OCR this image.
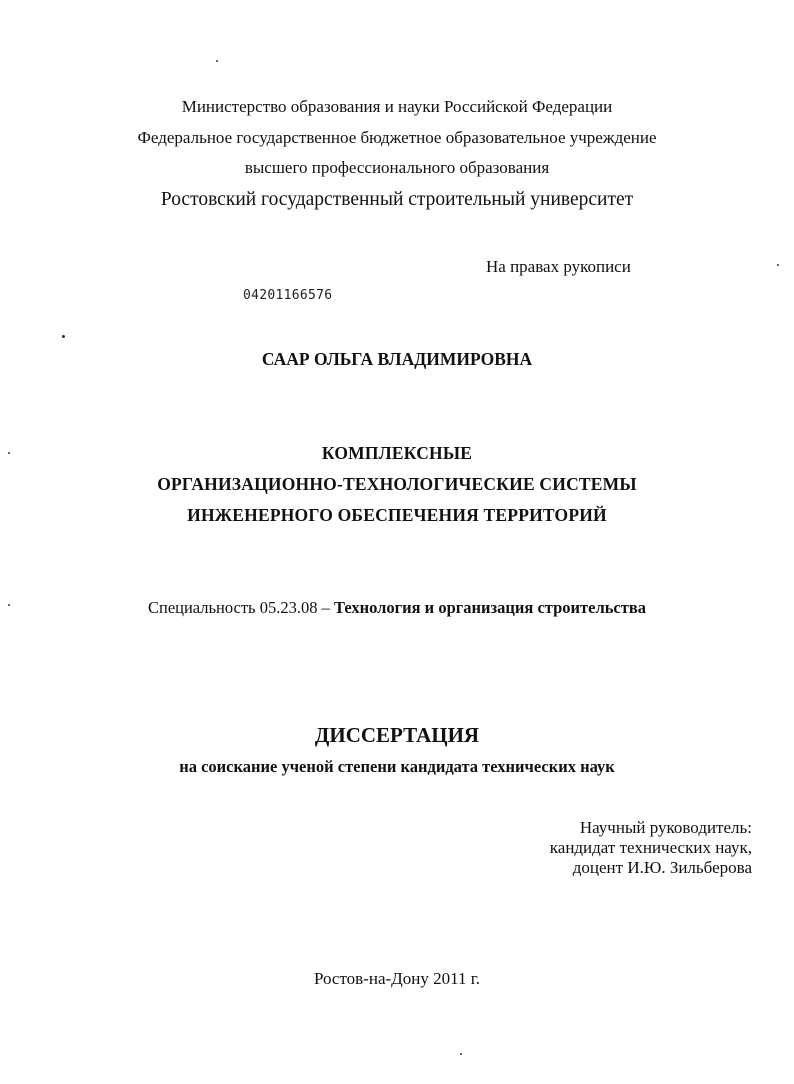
Министерство образования и науки Российской Федерации
Федеральное государственное бюджетное образовательное учреждение
высшего профессионального образования
Ростовский государственный строительный университет
На правах рукописи
04201166576
СААР ОЛЬГА ВЛАДИМИРОВНА
КОМПЛЕКСНЫЕ
ОРГАНИЗАЦИОННО-ТЕХНОЛОГИЧЕСКИЕ СИСТЕМЫ
ИНЖЕНЕРНОГО ОБЕСПЕЧЕНИЯ ТЕРРИТОРИЙ
Специальность 05.23.08 – Технология и организация строительства
ДИССЕРТАЦИЯ
на соискание ученой степени кандидата технических наук
Научный руководитель:
кандидат технических наук,
доцент И.Ю. Зильберова
Ростов-на-Дону 2011 г.
